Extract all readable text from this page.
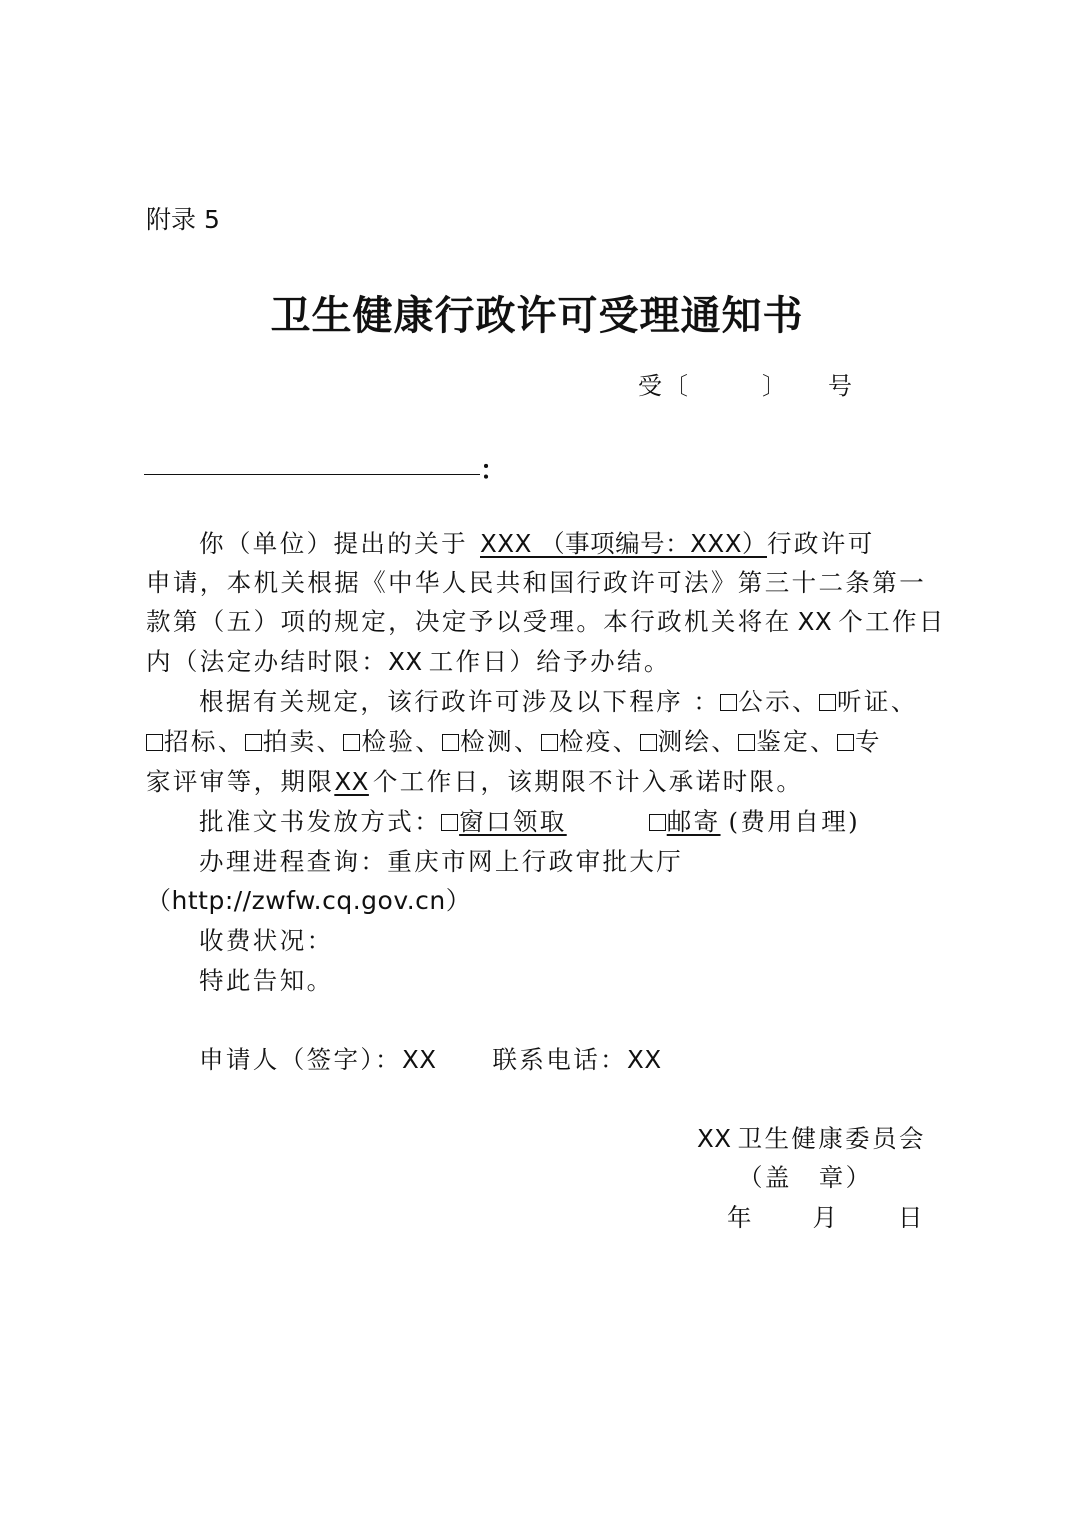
附录 5
卫生健康行政许可受理通知书
受〔	〕 号
：
你（单位）提出的关于 XXX （事项编号：XXX）行政许可
申请，本机关根据《中华人民共和国行政许可法》第三十二条第一
款第（五）项的规定，决定予以受理。本行政机关将在 XX 个工作日
内（法定办结时限：XX 工作日）给予办结。
根据有关规定，该行政许可涉及以下程序 ： 公示、 听证、
招标、 拍卖、 检验、 检测、 检疫、 测绘、 鉴定、 专
家评审等，期限XX 个工作日，该期限不计入承诺时限。
批准文书发放方式： 窗口领取	邮寄 (费用自理)
办理进程查询：重庆市网上行政审批大厅
（http://zwfw.cq.gov.cn）
收费状况：
特此告知。
申请人（签字）：XX 联系电话：XX
XX 卫生健康委员会
（盖　章）
年　　月　　日
